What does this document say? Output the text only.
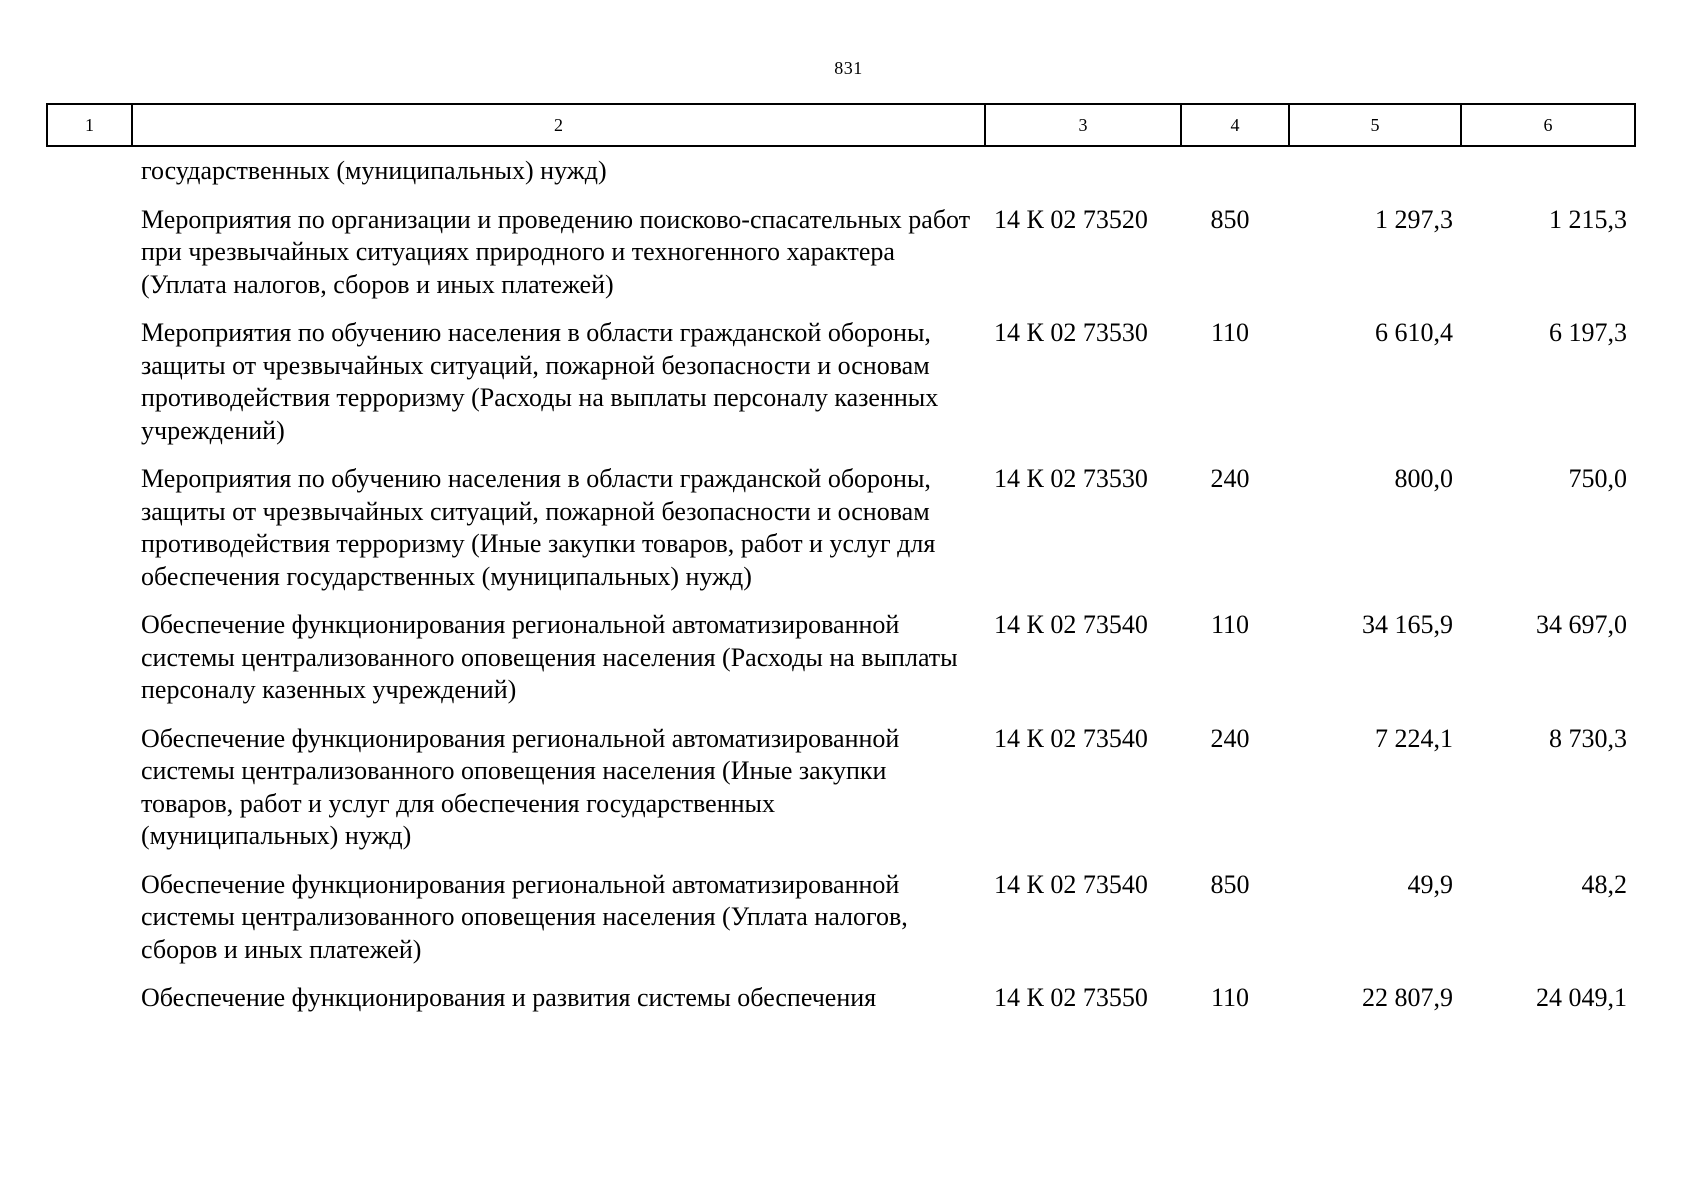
831
1	2	3	4	5	6
	государственных (муниципальных) нужд)				
	Мероприятия по организации и проведению поисково-спасательных работ при чрезвычайных ситуациях природного и техногенного характера (Уплата налогов, сборов и иных платежей)	14 К 02 73520	850	1 297,3	1 215,3
	Мероприятия по обучению населения в области гражданской обороны, защиты от чрезвычайных ситуаций, пожарной безопасности и основам противодействия терроризму (Расходы на выплаты персоналу казенных учреждений)	14 К 02 73530	110	6 610,4	6 197,3
	Мероприятия по обучению населения в области гражданской обороны, защиты от чрезвычайных ситуаций, пожарной безопасности и основам противодействия терроризму (Иные закупки товаров, работ и услуг для обеспечения государственных (муниципальных) нужд)	14 К 02 73530	240	800,0	750,0
	Обеспечение функционирования региональной автоматизированной системы централизованного оповещения населения (Расходы на выплаты персоналу казенных учреждений)	14 К 02 73540	110	34 165,9	34 697,0
	Обеспечение функционирования региональной автоматизированной системы централизованного оповещения населения (Иные закупки товаров, работ и услуг для обеспечения государственных (муниципальных) нужд)	14 К 02 73540	240	7 224,1	8 730,3
	Обеспечение функционирования региональной автоматизированной системы централизованного оповещения населения (Уплата налогов, сборов и иных платежей)	14 К 02 73540	850	49,9	48,2
	Обеспечение функционирования и развития системы обеспечения	14 К 02 73550	110	22 807,9	24 049,1
